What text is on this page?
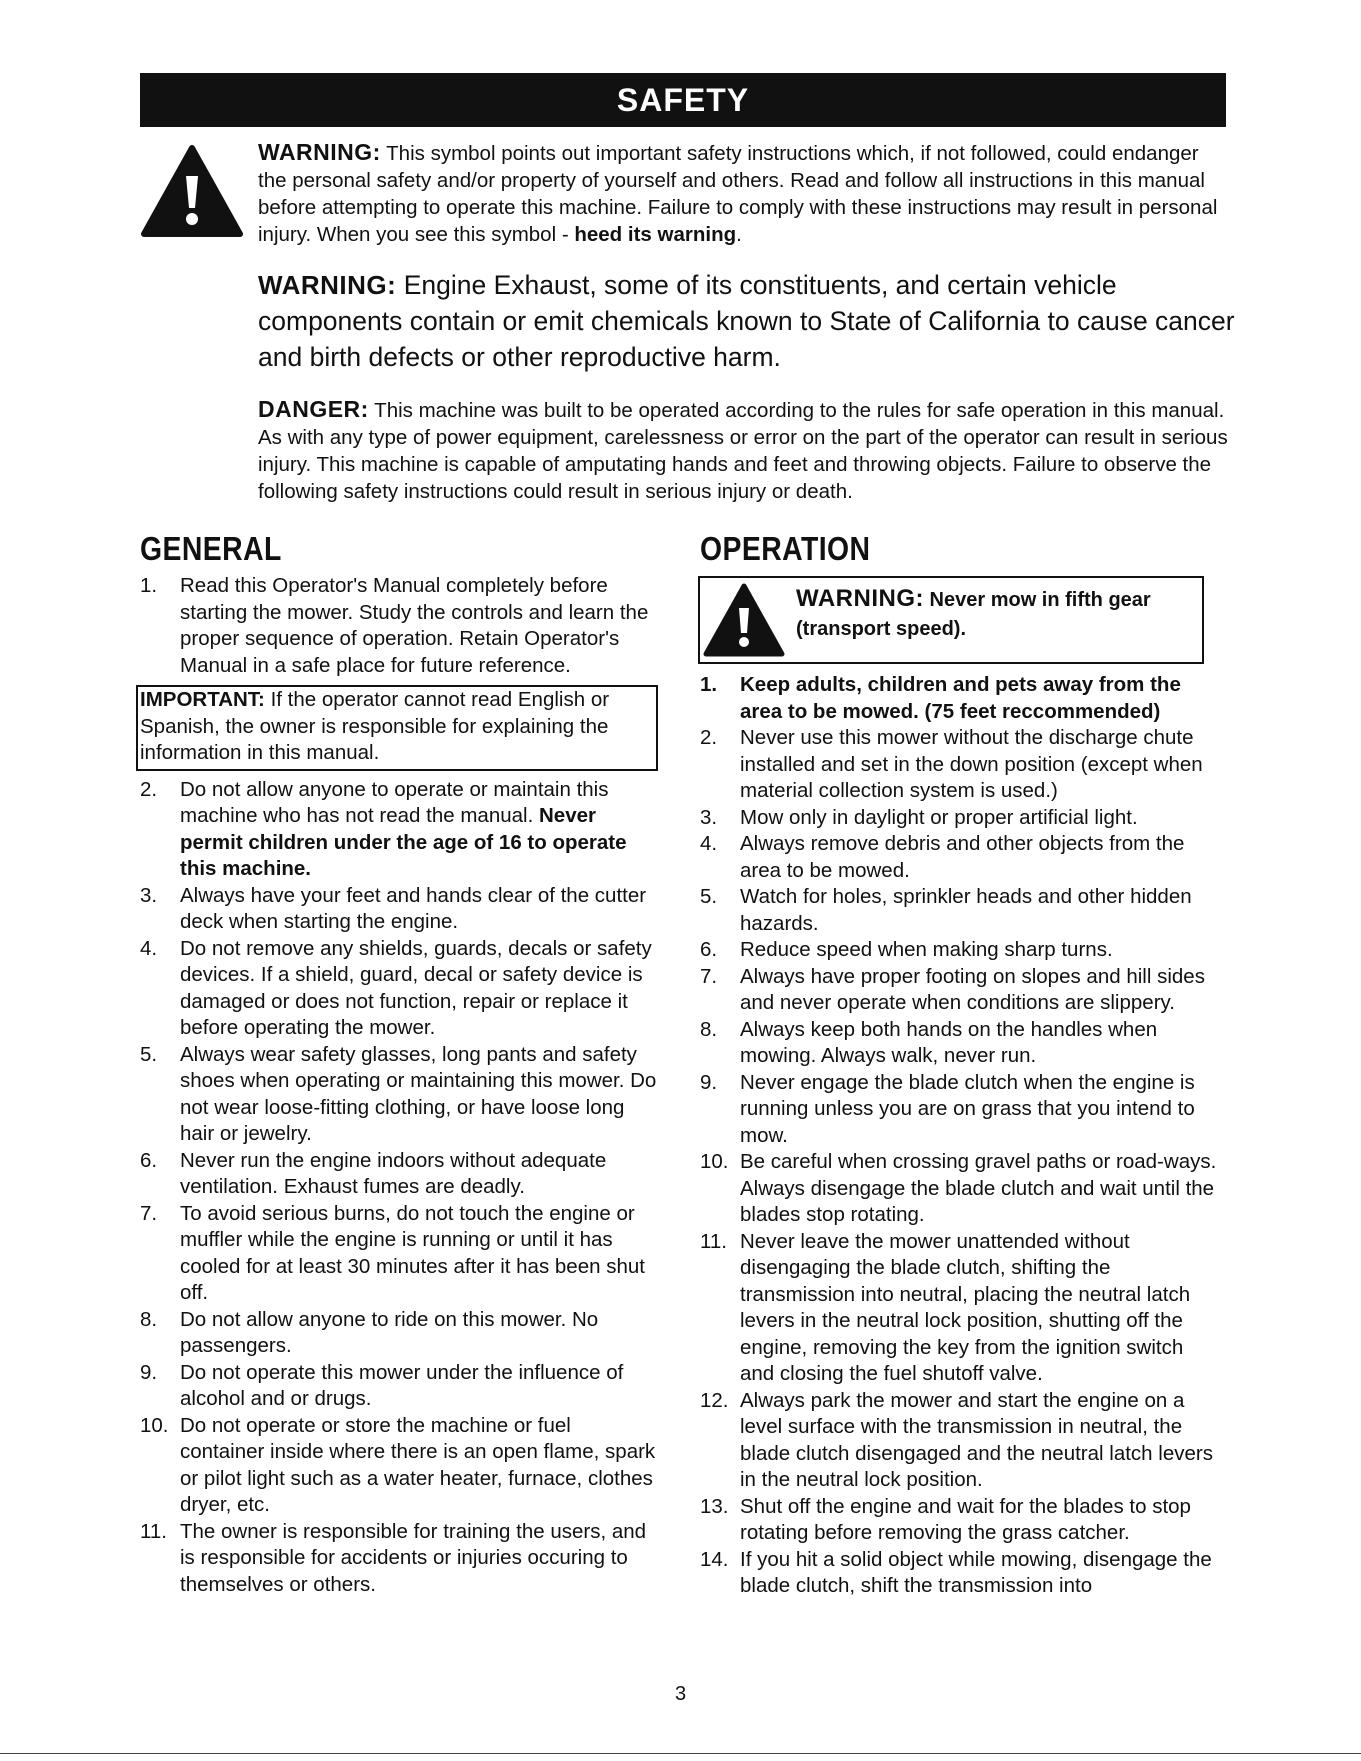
SAFETY
WARNING: This symbol points out important safety instructions which, if not followed, could endanger the personal safety and/or property of yourself and others. Read and follow all instructions in this manual before attempting to operate this machine. Failure to comply with these instructions may result in personal injury. When you see this symbol - heed its warning.
WARNING: Engine Exhaust, some of its constituents, and certain vehicle components contain or emit chemicals known to State of California to cause cancer and birth defects or other reproductive harm.
DANGER: This machine was built to be operated according to the rules for safe operation in this manual. As with any type of power equipment, carelessness or error on the part of the operator can result in serious injury. This machine is capable of amputating hands and feet and throwing objects. Failure to observe the following safety instructions could result in serious injury or death.
GENERAL	OPERATION
1.	Read this Operator's Manual completely before starting the mower. Study the controls and learn the proper sequence of operation. Retain Operator's Manual in a safe place for future reference.
IMPORTANT: If the operator cannot read English or Spanish, the owner is responsible for explaining the information in this manual.
2.	Do not allow anyone to operate or maintain this machine who has not read the manual. Never permit children under the age of 16 to operate this machine.
3.	Always have your feet and hands clear of the cutter deck when starting the engine.
4.	Do not remove any shields, guards, decals or safety devices. If a shield, guard, decal or safety device is damaged or does not function, repair or replace it before operating the mower.
5.	Always wear safety glasses, long pants and safety shoes when operating or maintaining this mower. Do not wear loose-fitting clothing, or have loose long hair or jewelry.
6.	Never run the engine indoors without adequate ventilation. Exhaust fumes are deadly.
7.	To avoid serious burns, do not touch the engine or muffler while the engine is running or until it has cooled for at least 30 minutes after it has been shut off.
8.	Do not allow anyone to ride on this mower. No passengers.
9.	Do not operate this mower under the influence of alcohol and or drugs.
10. Do not operate or store the machine or fuel container inside where there is an open flame, spark or pilot light such as a water heater, furnace, clothes dryer, etc.
11. The owner is responsible for training the users, and is responsible for accidents or injuries occuring to themselves or others.
WARNING: Never mow in fifth gear (transport speed).
1.	Keep adults, children and pets away from the area to be mowed. (75 feet reccommended)
2.	Never use this mower without the discharge chute installed and set in the down position (except when material collection system is used.)
3.	Mow only in daylight or proper artificial light.
4.	Always remove debris and other objects from the area to be mowed.
5.	Watch for holes, sprinkler heads and other hidden hazards.
6.	Reduce speed when making sharp turns.
7.	Always have proper footing on slopes and hill sides and never operate when conditions are slippery.
8.	Always keep both hands on the handles when mowing. Always walk, never run.
9.	Never engage the blade clutch when the engine is running unless you are on grass that you intend to mow.
10. Be careful when crossing gravel paths or road-ways. Always disengage the blade clutch and wait until the blades stop rotating.
11. Never leave the mower unattended without disengaging the blade clutch, shifting the transmission into neutral, placing the neutral latch levers in the neutral lock position, shutting off the engine, removing the key from the ignition switch and closing the fuel shutoff valve.
12. Always park the mower and start the engine on a level surface with the transmission in neutral, the blade clutch disengaged and the neutral latch levers in the neutral lock position.
13. Shut off the engine and wait for the blades to stop rotating before removing the grass catcher.
14. If you hit a solid object while mowing, disengage the blade clutch, shift the transmission into
3
